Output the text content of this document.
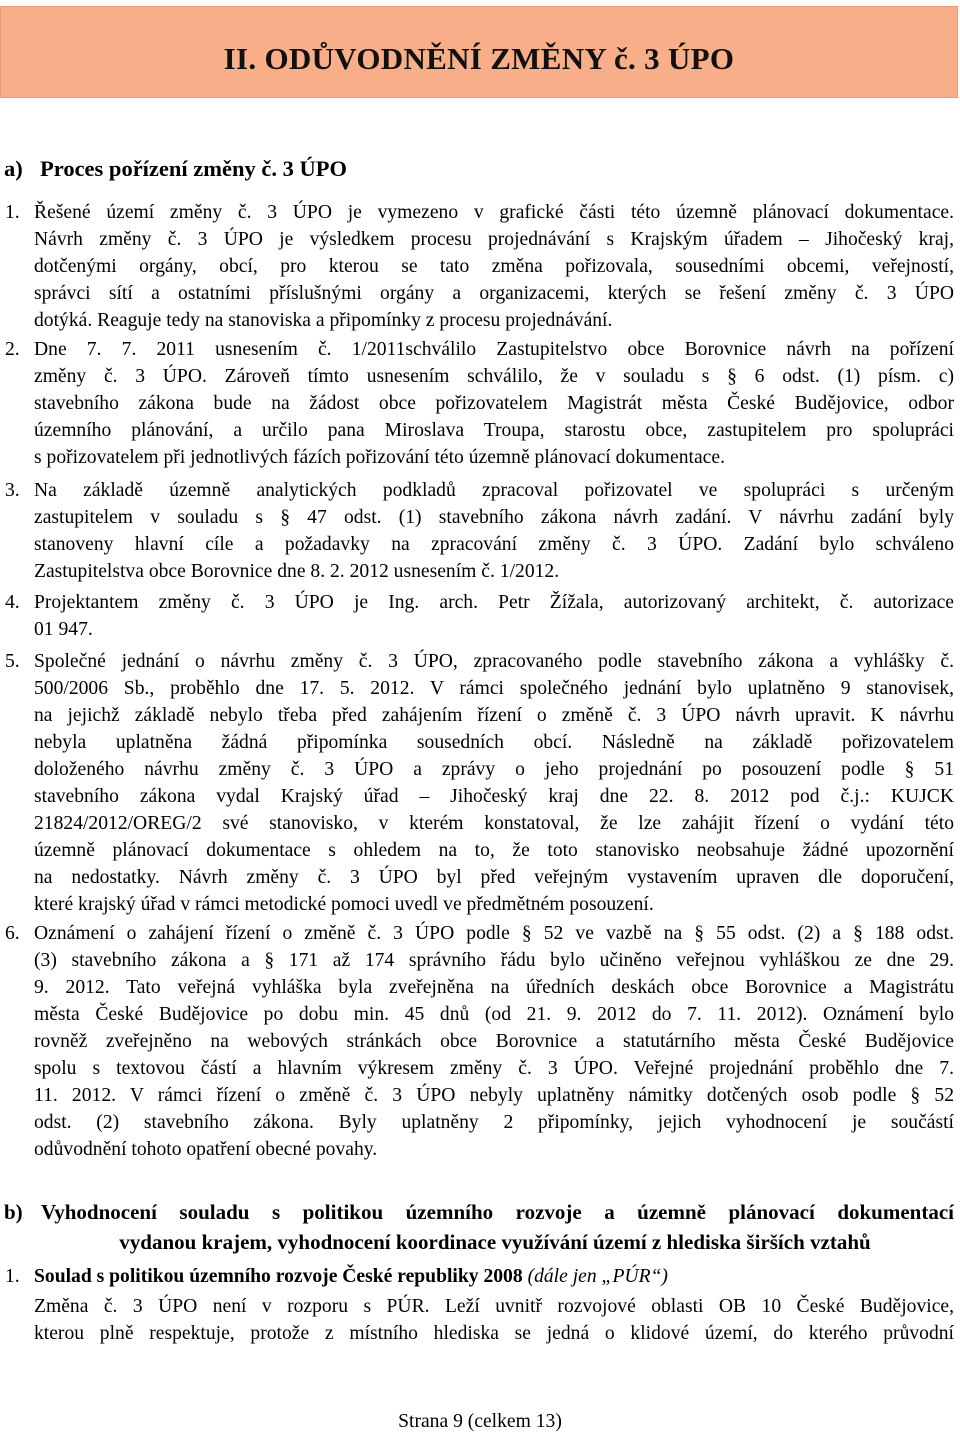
II. ODŮVODNĚNÍ ZMĚNY č. 3 ÚPO
a) Proces pořízení změny č. 3 ÚPO
1. Řešené území změny č. 3 ÚPO je vymezeno v grafické části této územně plánovací dokumentace.
Návrh změny č. 3 ÚPO je výsledkem procesu projednávání s Krajským úřadem – Jihočeský kraj,
dotčenými orgány, obcí, pro kterou se tato změna pořizovala, sousedními obcemi, veřejností,
správci sítí a ostatními příslušnými orgány a organizacemi, kterých se řešení změny č. 3 ÚPO
dotýká. Reaguje tedy na stanoviska a připomínky z procesu projednávání.
2. Dne 7. 7. 2011 usnesením č. 1/2011schválilo Zastupitelstvo obce Borovnice návrh na pořízení
změny č. 3 ÚPO. Zároveň tímto usnesením schválilo, že v souladu s § 6 odst. (1) písm. c)
stavebního zákona bude na žádost obce pořizovatelem Magistrát města České Budějovice, odbor
územního plánování, a určilo pana Miroslava Troupa, starostu obce, zastupitelem pro spolupráci
s pořizovatelem při jednotlivých fázích pořizování této územně plánovací dokumentace.
3. Na základě územně analytických podkladů zpracoval pořizovatel ve spolupráci s určeným
zastupitelem v souladu s § 47 odst. (1) stavebního zákona návrh zadání. V návrhu zadání byly
stanoveny hlavní cíle a požadavky na zpracování změny č. 3 ÚPO. Zadání bylo schváleno
Zastupitelstva obce Borovnice dne 8. 2. 2012 usnesením č. 1/2012.
4. Projektantem změny č. 3 ÚPO je Ing. arch. Petr Žížala, autorizovaný architekt, č. autorizace
01 947.
5. Společné jednání o návrhu změny č. 3 ÚPO, zpracovaného podle stavebního zákona a vyhlášky č.
500/2006 Sb., proběhlo dne 17. 5. 2012. V rámci společného jednání bylo uplatněno 9 stanovisek,
na jejichž základě nebylo třeba před zahájením řízení o změně č. 3 ÚPO návrh upravit. K návrhu
nebyla uplatněna žádná připomínka sousedních obcí. Následně na základě pořizovatelem
doloženého návrhu změny č. 3 ÚPO a zprávy o jeho projednání po posouzení podle § 51
stavebního zákona vydal Krajský úřad – Jihočeský kraj dne 22. 8. 2012 pod č.j.: KUJCK
21824/2012/OREG/2 své stanovisko, v kterém konstatoval, že lze zahájit řízení o vydání této
územně plánovací dokumentace s ohledem na to, že toto stanovisko neobsahuje žádné upozornění
na nedostatky. Návrh změny č. 3 ÚPO byl před veřejným vystavením upraven dle doporučení,
které krajský úřad v rámci metodické pomoci uvedl ve předmětném posouzení.
6. Oznámení o zahájení řízení o změně č. 3 ÚPO podle § 52 ve vazbě na § 55 odst. (2) a § 188 odst.
(3) stavebního zákona a § 171 až 174 správního řádu bylo učiněno veřejnou vyhláškou ze dne 29.
9. 2012. Tato veřejná vyhláška byla zveřejněna na úředních deskách obce Borovnice a Magistrátu
města České Budějovice po dobu min. 45 dnů (od 21. 9. 2012 do 7. 11. 2012). Oznámení bylo
rovněž zveřejněno na webových stránkách obce Borovnice a statutárního města České Budějovice
spolu s textovou částí a hlavním výkresem změny č. 3 ÚPO. Veřejné projednání proběhlo dne 7.
11. 2012. V rámci řízení o změně č. 3 ÚPO nebyly uplatněny námitky dotčených osob podle § 52
odst. (2) stavebního zákona. Byly uplatněny 2 připomínky, jejich vyhodnocení je součástí
odůvodnění tohoto opatření obecné povahy.
b) Vyhodnocení souladu s politikou územního rozvoje a územně plánovací dokumentací
vydanou krajem, vyhodnocení koordinace využívání území z hlediska širších vztahů
1. Soulad s politikou územního rozvoje České republiky 2008 (dále jen „PÚR“)
Změna č. 3 ÚPO není v rozporu s PÚR. Leží uvnitř rozvojové oblasti OB 10 České Budějovice,
kterou plně respektuje, protože z místního hlediska se jedná o klidové území, do kterého průvodní
Strana 9 (celkem 13)
